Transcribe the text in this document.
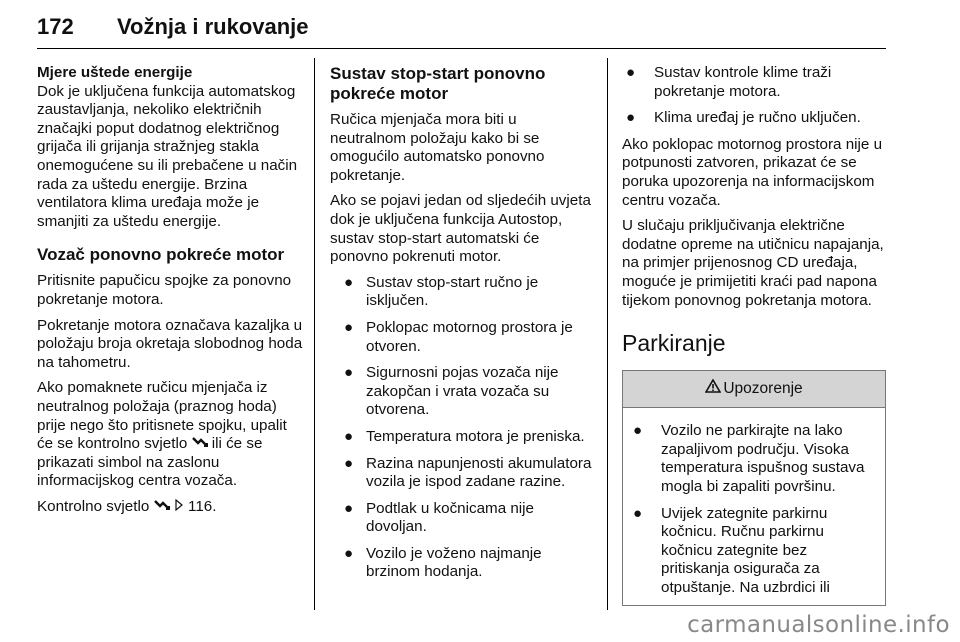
172 Vožnja i rukovanje
Mjere uštede energije

Dok je uključena funkcija automatskog zaustavljanja, nekoliko električnih značajki poput dodatnog električnog grijača ili grijanja stražnjeg stakla onemogućene su ili prebačene u način rada za uštedu energije. Brzina ventilatora klima uređaja može je smanjiti za uštedu energije.

Vozač ponovno pokreće motor

Pritisnite papučicu spojke za ponovno pokretanje motora.

Pokretanje motora označava kazaljka u položaju broja okretaja slobodnog hoda na tahometru.

Ako pomaknete ručicu mjenjača iz neutralnog položaja (praznog hoda) prije nego što pritisnete spojku, upalit će se kontrolno svjetlo ili će se prikazati simbol na zaslonu informacijskog centra vozača.

Kontrolno svjetlo	116.

Sustav stop-start ponovno pokreće motor

Ručica mjenjača mora biti u neutralnom položaju kako bi se omogućilo automatsko ponovno pokretanje.

Ako se pojavi jedan od sljedećih uvjeta dok je uključena funkcija Autostop, sustav stop-start automatski će ponovno pokrenuti motor.

● Sustav stop-start ručno je isključen.
● Poklopac motornog prostora je otvoren.
● Sigurnosni pojas vozača nije zakopčan i vrata vozača su otvorena.
● Temperatura motora je preniska.
● Razina napunjenosti akumulatora vozila je ispod zadane razine.
● Podtlak u kočnicama nije dovoljan.
● Vozilo je voženo najmanje brzinom hodanja.
● Sustav kontrole klime traži pokretanje motora.
● Klima uređaj je ručno uključen.

Ako poklopac motornog prostora nije u potpunosti zatvoren, prikazat će se poruka upozorenja na informacijskom centru vozača.

U slučaju priključivanja električne dodatne opreme na utičnicu napajanja, na primjer prijenosnog CD uređaja, moguće je primijetiti kraći pad napona tijekom ponovnog pokretanja motora.

Parkiranje
Upozorenje
● Vozilo ne parkirajte na lako zapaljivom području. Visoka temperatura ispušnog sustava mogla bi zapaliti površinu.
● Uvijek zategnite parkirnu kočnicu. Ručnu parkirnu kočnicu zategnite bez pritiskanja osigurača za otpuštanje. Na uzbrdici ili
carmanualsonline.info
